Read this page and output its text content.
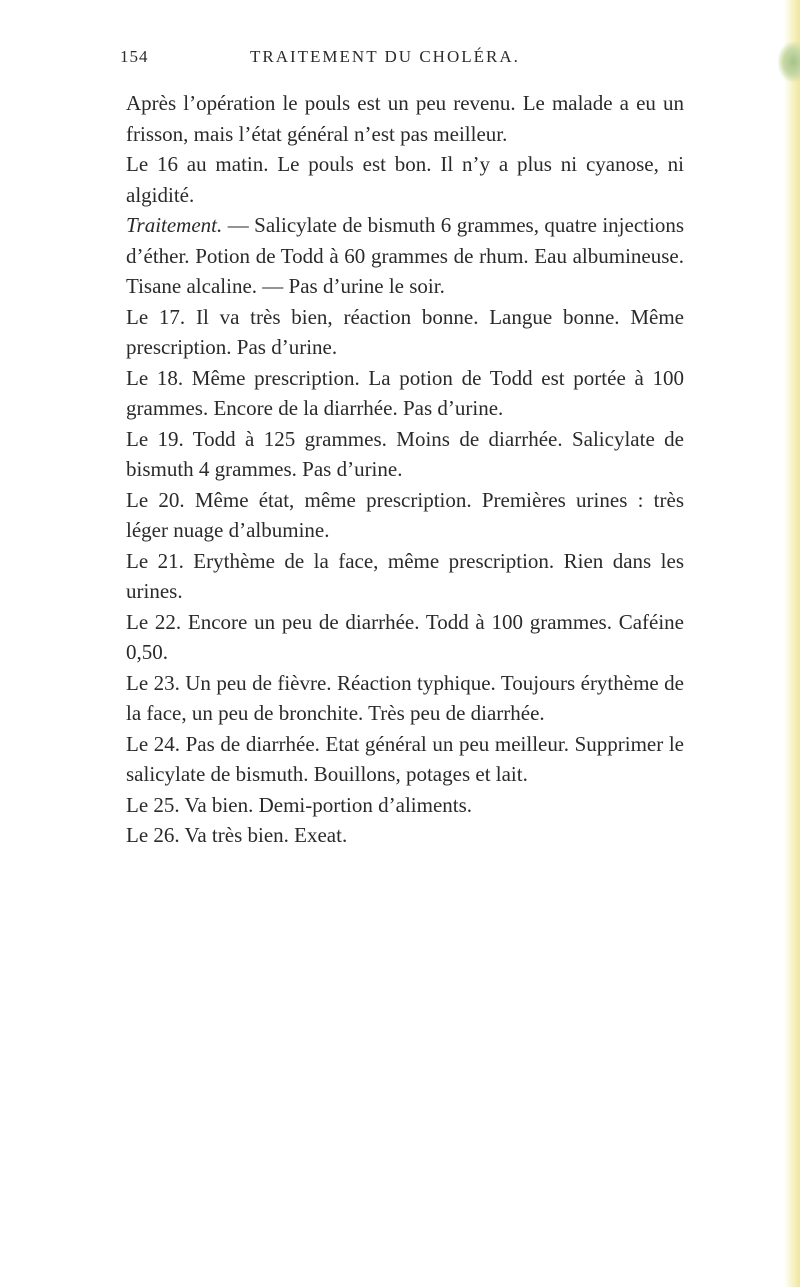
154	TRAITEMENT DU CHOLÉRA.

Après l’opération le pouls est un peu revenu. Le malade a eu un frisson, mais l’état général n’est pas meilleur.

Le 16 au matin. Le pouls est bon. Il n’y a plus ni cyanose, ni algidité.

Traitement. — Salicylate de bismuth 6 grammes, quatre injections d’éther. Potion de Todd à 60 grammes de rhum. Eau albumineuse. Tisane alcaline. — Pas d’urine le soir.

Le 17. Il va très bien, réaction bonne. Langue bonne. Même prescription. Pas d’urine.

Le 18. Même prescription. La potion de Todd est portée à 100 grammes. Encore de la diarrhée. Pas d’urine.

Le 19. Todd à 125 grammes. Moins de diarrhée. Salicylate de bismuth 4 grammes. Pas d’urine.

Le 20. Même état, même prescription. Premières urines : très léger nuage d’albumine.

Le 21. Erythème de la face, même prescription. Rien dans les urines.

Le 22. Encore un peu de diarrhée. Todd à 100 grammes. Caféine 0,50.

Le 23. Un peu de fièvre. Réaction typhique. Toujours érythème de la face, un peu de bronchite. Très peu de diarrhée.

Le 24. Pas de diarrhée. Etat général un peu meilleur. Supprimer le salicylate de bismuth. Bouillons, potages et lait.

Le 25. Va bien. Demi-portion d’aliments.

Le 26. Va très bien. Exeat.
